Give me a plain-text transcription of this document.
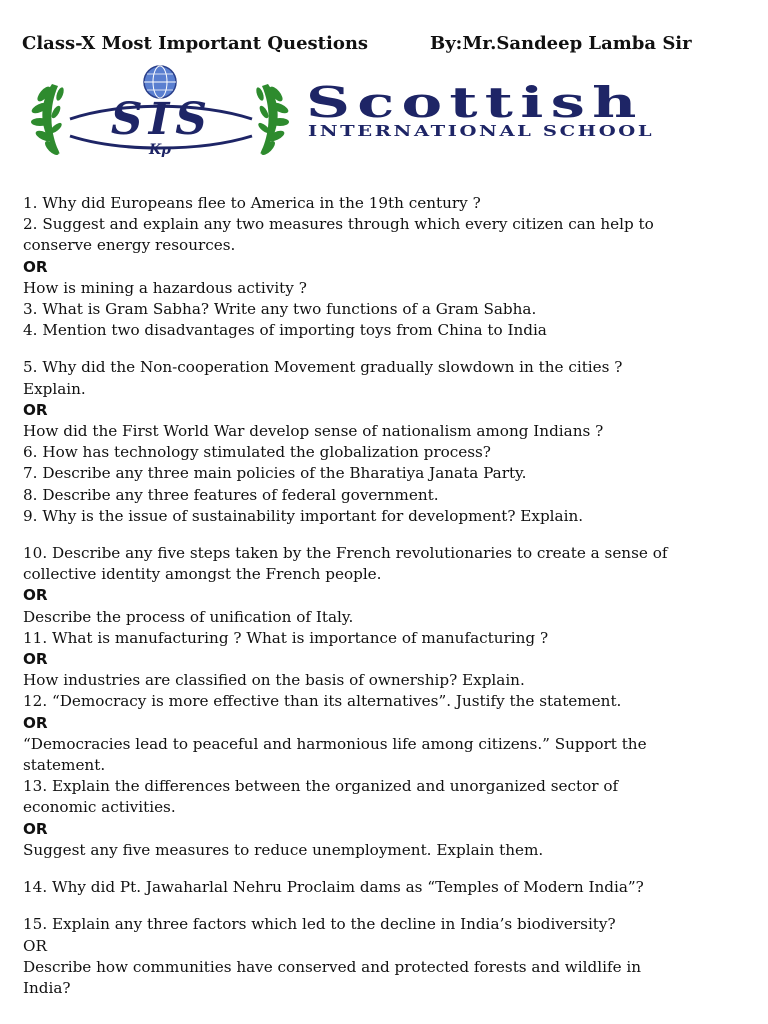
Class-X Most Important Questions	By:Mr.Sandeep Lamba Sir
SIS
Kp
Scottish
INTERNATIONAL SCHOOL
1. Why did Europeans flee to America in the 19th century ?
2. Suggest and explain any two measures through which every citizen can help to
conserve energy resources.
OR
How is mining a hazardous activity ?
3. What is Gram Sabha? Write any two functions of a Gram Sabha.
4. Mention two disadvantages of importing toys from China to India
5. Why did the Non-cooperation Movement gradually slowdown in the cities ?
Explain.
OR
How did the First World War develop sense of nationalism among Indians ?
6. How has technology stimulated the globalization process?
7. Describe any three main policies of the Bharatiya Janata Party.
8. Describe any three features of federal government.
9. Why is the issue of sustainability important for development? Explain.
10. Describe any five steps taken by the French revolutionaries to create a sense of
collective identity amongst the French people.
OR
Describe the process of unification of Italy.
11. What is manufacturing ? What is importance of manufacturing ?
OR
How industries are classified on the basis of ownership? Explain.
12. “Democracy is more effective than its alternatives”. Justify the statement.
OR
“Democracies lead to peaceful and harmonious life among citizens.” Support the
statement.
13. Explain the differences between the organized and unorganized sector of
economic activities.
OR
Suggest any five measures to reduce unemployment. Explain them.
14. Why did Pt. Jawaharlal Nehru Proclaim dams as “Temples of Modern India”?
15. Explain any three factors which led to the decline in India’s biodiversity?
OR
Describe how communities have conserved and protected forests and wildlife in
India?
